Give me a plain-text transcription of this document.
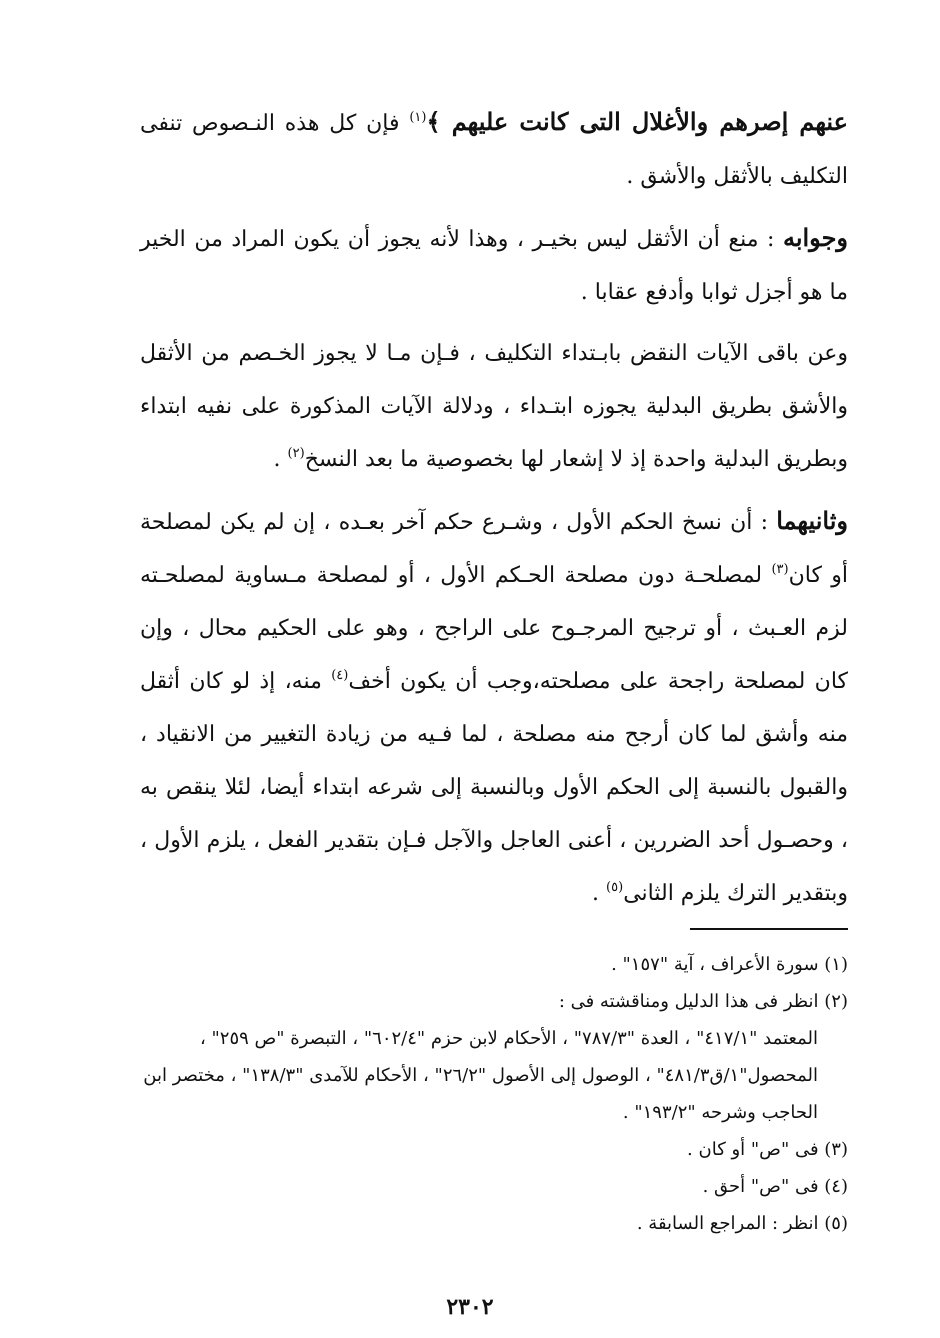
عنهم إصرهم والأغلال التى كانت عليهم ﴾$^{(١)}$ فإن كل هذه النـصوص تنفى التكليف بالأثقل والأشق .

وجوابه : منع أن الأثقل ليس بخيـر ، وهذا لأنه يجوز أن يكون المراد من الخير ما هو أجزل ثوابا وأدفع عقابا .

وعن باقى الآيات النقض بابـتداء التكليف ، فـإن مـا لا يجوز الخـصم من الأثقل والأشق بطريق البدلية يجوزه ابتـداء ، ودلالة الآيات المذكورة على نفيه ابتداء وبطريق البدلية واحدة إذ لا إشعار لها بخصوصية ما بعد النسخ$^{(٢)}$ .

وثانيهما : أن نسخ الحكم الأول ، وشـرع حكم آخر بعـده ، إن لم يكن لمصلحة أو كان$^{(٣)}$ لمصلحـة دون مصلحة الحـكم الأول ، أو لمصلحة مـساوية لمصلحـته لزم العـبث ، أو ترجيح المرجـوح على الراجح ، وهو على الحكيم محال ، وإن كان لمصلحة راجحة على مصلحته،وجب أن يكون أخف$^{(٤)}$ منه، إذ لو كان أثقل منه وأشق لما كان أرجح منه مصلحة ، لما فـيه من زيادة التغيير من الانقياد ، والقبول بالنسبة إلى الحكم الأول وبالنسبة إلى شرعه ابتداء أيضا، لئلا ينقص به ، وحصـول أحد الضررين ، أعنى العاجل والآجل فـإن بتقدير الفعل ، يلزم الأول ، وبتقدير الترك يلزم الثانى$^{(٥)}$ .

(١) سورة الأعراف ، آية "١٥٧" .

(٢) انظر فى هذا الدليل ومناقشته فى :

المعتمد "٤١٧/١" ، العدة "٧٨٧/٣" ، الأحكام لابن حزم "٦٠٢/٤" ، التبصرة "ص ٢٥٩" ، المحصول"١/ق٤٨١/٣" ، الوصول إلى الأصول "٢٦/٢" ، الأحكام للآمدى "١٣٨/٣" ، مختصر ابن الحاجب وشرحه "١٩٣/٢" .

(٣) فى "ص" أو كان .

(٤) فى "ص" أحق .

(٥) انظر : المراجع السابقة .

٢٣٠٢
